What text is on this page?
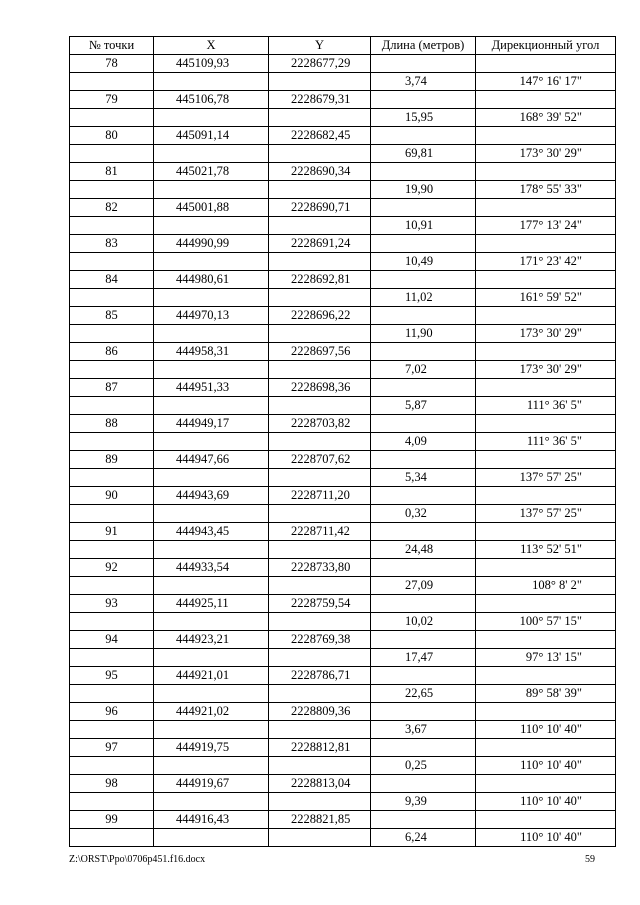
№ точки	X	Y	Длина (метров)	Дирекционный угол
78	445109,93	2228677,29		
			3,74	147° 16' 17"
79	445106,78	2228679,31		
			15,95	168° 39' 52"
80	445091,14	2228682,45		
			69,81	173° 30' 29"
81	445021,78	2228690,34		
			19,90	178° 55' 33"
82	445001,88	2228690,71		
			10,91	177° 13' 24"
83	444990,99	2228691,24		
			10,49	171° 23' 42"
84	444980,61	2228692,81		
			11,02	161° 59' 52"
85	444970,13	2228696,22		
			11,90	173° 30' 29"
86	444958,31	2228697,56		
			7,02	173° 30' 29"
87	444951,33	2228698,36		
			5,87	111° 36' 5"
88	444949,17	2228703,82		
			4,09	111° 36' 5"
89	444947,66	2228707,62		
			5,34	137° 57' 25"
90	444943,69	2228711,20		
			0,32	137° 57' 25"
91	444943,45	2228711,42		
			24,48	113° 52' 51"
92	444933,54	2228733,80		
			27,09	108° 8' 2"
93	444925,11	2228759,54		
			10,02	100° 57' 15"
94	444923,21	2228769,38		
			17,47	97° 13' 15"
95	444921,01	2228786,71		
			22,65	89° 58' 39"
96	444921,02	2228809,36		
			3,67	110° 10' 40"
97	444919,75	2228812,81		
			0,25	110° 10' 40"
98	444919,67	2228813,04		
			9,39	110° 10' 40"
99	444916,43	2228821,85		
			6,24	110° 10' 40"
Z:\ORST\Ppo\0706p451.f16.docx	59
